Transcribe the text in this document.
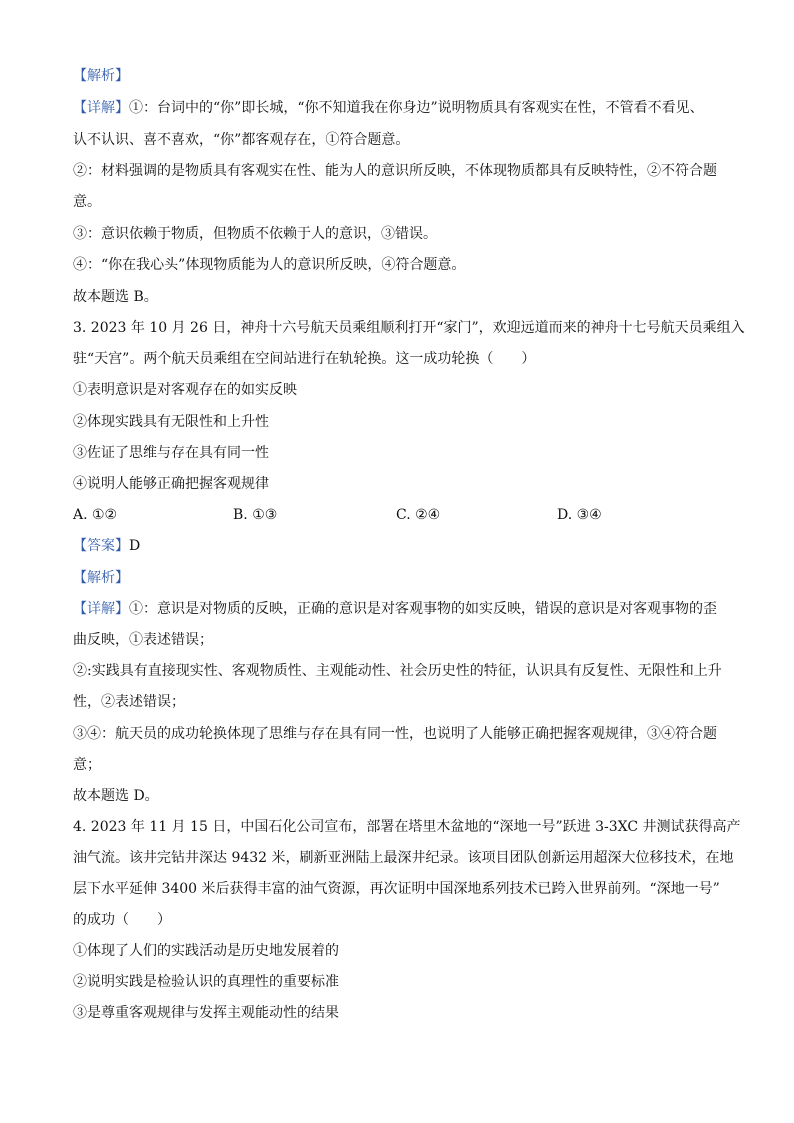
【解析】
【详解】①：台词中的“你”即长城，“你不知道我在你身边”说明物质具有客观实在性，不管看不看见、
认不认识、喜不喜欢，“你”都客观存在，①符合题意。
②：材料强调的是物质具有客观实在性、能为人的意识所反映，不体现物质都具有反映特性，②不符合题
意。
③：意识依赖于物质，但物质不依赖于人的意识，③错误。
④：“你在我心头”体现物质能为人的意识所反映，④符合题意。
故本题选 B。
3. 2023 年 10 月 26 日，神舟十六号航天员乘组顺利打开“家门”，欢迎远道而来的神舟十七号航天员乘组入
驻“天宫”。两个航天员乘组在空间站进行在轨轮换。这一成功轮换（　　）
①表明意识是对客观存在的如实反映
②体现实践具有无限性和上升性
③佐证了思维与存在具有同一性
④说明人能够正确把握客观规律
A. ①②	B. ①③	C. ②④	D. ③④
【答案】D
【解析】
【详解】①：意识是对物质的反映，正确的意识是对客观事物的如实反映，错误的意识是对客观事物的歪
曲反映，①表述错误；
②:实践具有直接现实性、客观物质性、主观能动性、社会历史性的特征，认识具有反复性、无限性和上升
性，②表述错误；
③④：航天员的成功轮换体现了思维与存在具有同一性，也说明了人能够正确把握客观规律，③④符合题
意；
故本题选 D。
4. 2023 年 11 月 15 日，中国石化公司宣布，部署在塔里木盆地的“深地一号”跃进 3-3XC 井测试获得高产
油气流。该井完钻井深达 9432 米，刷新亚洲陆上最深井纪录。该项目团队创新运用超深大位移技术，在地
层下水平延伸 3400 米后获得丰富的油气资源，再次证明中国深地系列技术已跨入世界前列。“深地一号”
的成功（　　）
①体现了人们的实践活动是历史地发展着的
②说明实践是检验认识的真理性的重要标准
③是尊重客观规律与发挥主观能动性的结果
